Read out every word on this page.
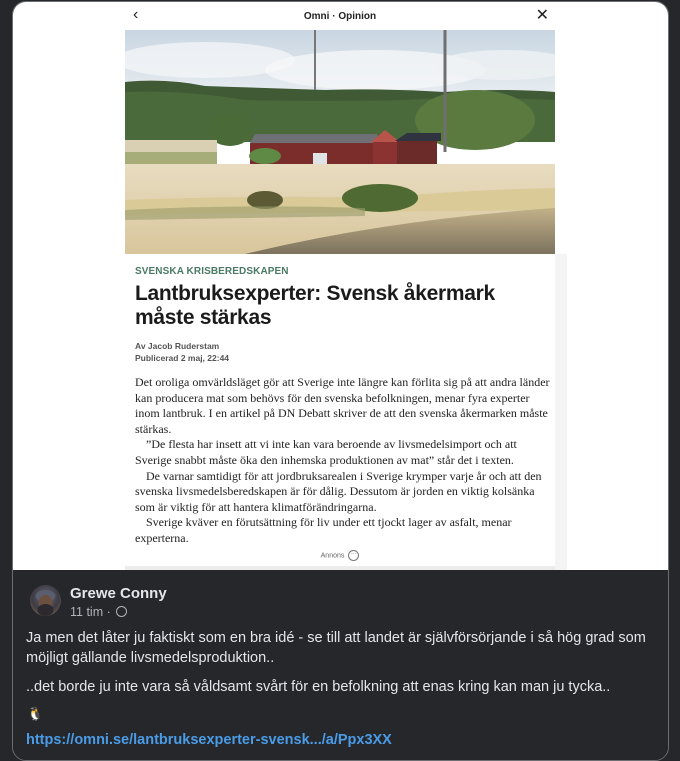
‹	Omni · Opinion	✕
SVENSKA KRISBEREDSKAPEN
Lantbruksexperter: Svensk åkermark måste stärkas
Av Jacob Ruderstam
Publicerad 2 maj, 22:44

Det oroliga omvärldsläget gör att Sverige inte längre kan förlita sig på att andra länder kan producera mat som behövs för den svenska befolkningen, menar fyra experter inom lantbruk. I en artikel på DN Debatt skriver de att den svenska åkermarken måste stärkas.

”De flesta har insett att vi inte kan vara beroende av livsmedelsimport och att Sverige snabbt måste öka den inhemska produktionen av mat” står det i texten.

De varnar samtidigt för att jordbruksarealen i Sverige krymper varje år och att den svenska livsmedelsberedskapen är för dålig. Dessutom är jorden en viktig kolsänka som är viktig för att hantera klimatförändringarna.

Sverige kväver en förutsättning för liv under ett tjockt lager av asfalt, menar experterna.

Annons ···
Grewe Conny
11 tim ·

Ja men det låter ju faktiskt som en bra idé - se till att landet är självförsörjande i så hög grad som möjligt gällande livsmedelsproduktion..

..det borde ju inte vara så våldsamt svårt för en befolkning att enas kring kan man ju tycka..

🐧
https://omni.se/lantbruksexperter-svensk.../a/Ppx3XX
